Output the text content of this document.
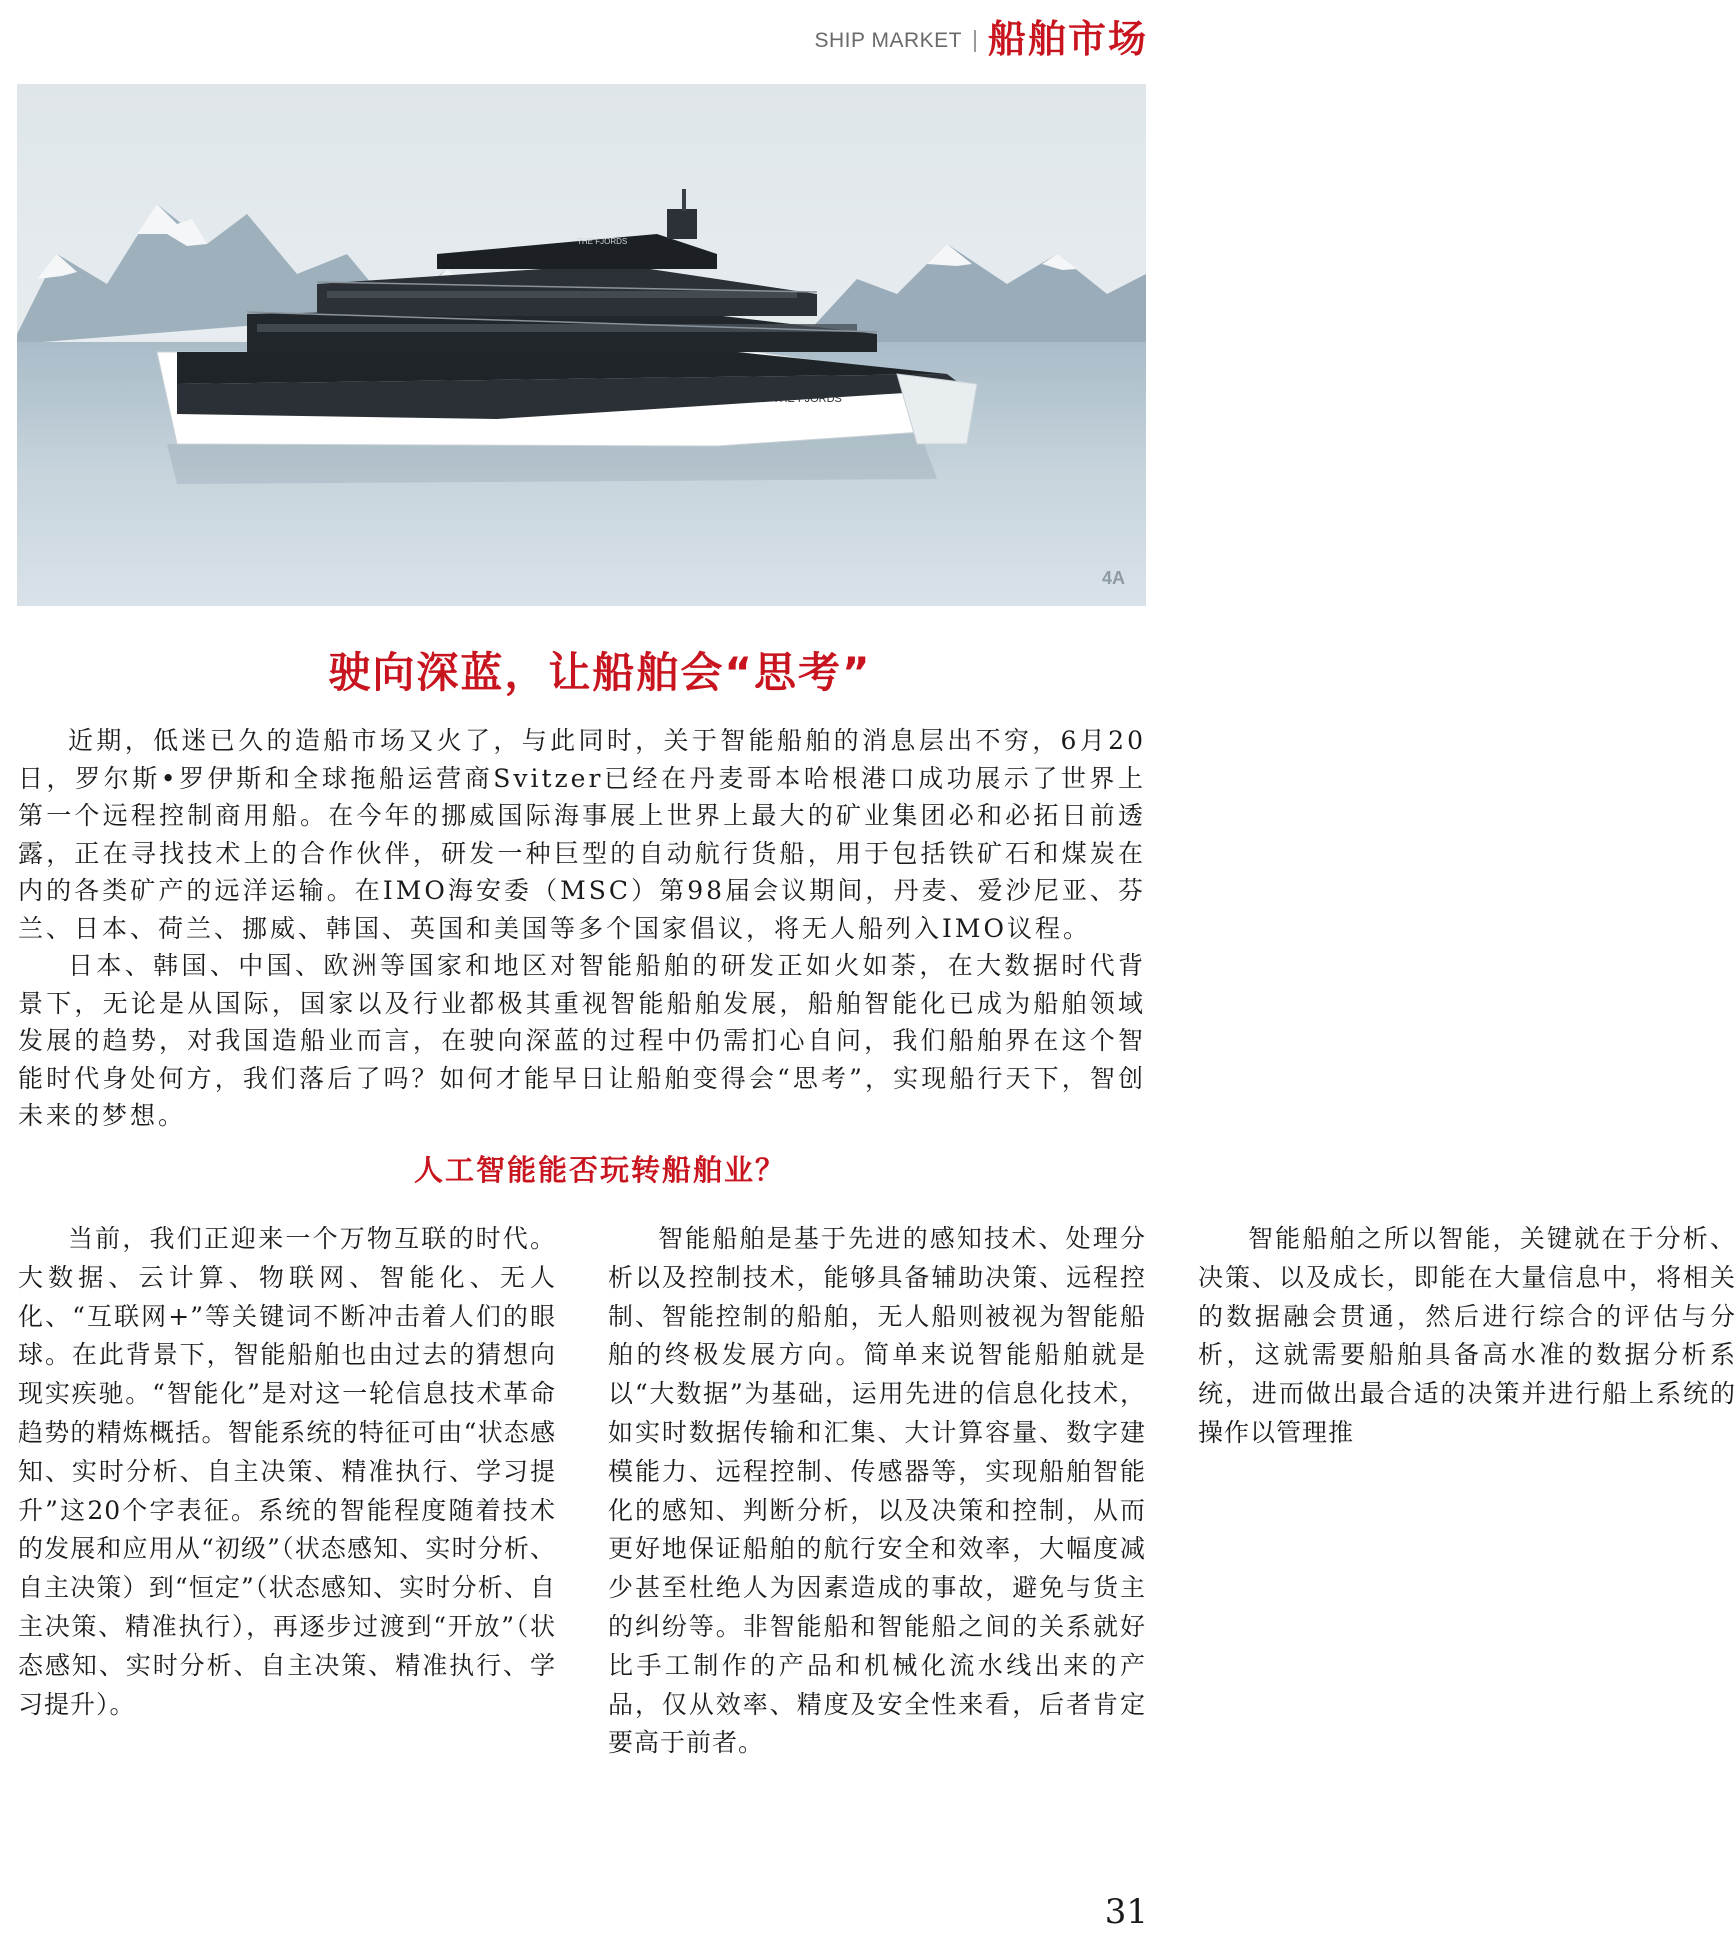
SHIP MARKET 船舶市场
FUTURE OF THE FJORDS
THE FJORDS
4A
驶向深蓝，让船舶会“思考”

近期，低迷已久的造船市场又火了，与此同时，关于智能船舶的消息层出不穷，6月20日，罗尔斯•罗伊斯和全球拖船运营商Svitzer已经在丹麦哥本哈根港口成功展示了世界上第一个远程控制商用船。在今年的挪威国际海事展上世界上最大的矿业集团必和必拓日前透露，正在寻找技术上的合作伙伴，研发一种巨型的自动航行货船，用于包括铁矿石和煤炭在内的各类矿产的远洋运输。在IMO海安委（MSC）第98届会议期间，丹麦、爱沙尼亚、芬兰、日本、荷兰、挪威、韩国、英国和美国等多个国家倡议，将无人船列入IMO议程。

日本、韩国、中国、欧洲等国家和地区对智能船舶的研发正如火如荼，在大数据时代背景下，无论是从国际，国家以及行业都极其重视智能船舶发展，船舶智能化已成为船舶领域发展的趋势，对我国造船业而言，在驶向深蓝的过程中仍需扪心自问，我们船舶界在这个智能时代身处何方，我们落后了吗？如何才能早日让船舶变得会“思考”，实现船行天下，智创未来的梦想。

人工智能能否玩转船舶业？

当前，我们正迎来一个万物互联的时代。大数据、云计算、物联网、智能化、无人化、“互联网+”等关键词不断冲击着人们的眼球。在此背景下，智能船舶也由过去的猜想向现实疾驰。“智能化”是对这一轮信息技术革命趋势的精炼概括。智能系统的特征可由“状态感知、实时分析、自主决策、精准执行、学习提升”这20个字表征。系统的智能程度随着技术的发展和应用从“初级”（状态感知、实时分析、自主决策）到“恒定”（状态感知、实时分析、自主决策、精准执行），再逐步过渡到“开放”（状态感知、实时分析、自主决策、精准执行、学习提升）。

智能船舶是基于先进的感知技术、处理分析以及控制技术，能够具备辅助决策、远程控制、智能控制的船舶，无人船则被视为智能船舶的终极发展方向。简单来说智能船舶就是以“大数据”为基础，运用先进的信息化技术，如实时数据传输和汇集、大计算容量、数字建模能力、远程控制、传感器等，实现船舶智能化的感知、判断分析，以及决策和控制，从而更好地保证船舶的航行安全和效率，大幅度减少甚至杜绝人为因素造成的事故，避免与货主的纠纷等。非智能船和智能船之间的关系就好比手工制作的产品和机械化流水线出来的产品，仅从效率、精度及安全性来看，后者肯定要高于前者。

智能船舶之所以智能，关键就在于分析、决策、以及成长，即能在大量信息中，将相关的数据融会贯通，然后进行综合的评估与分析，这就需要船舶具备高水准的数据分析系统，进而做出最合适的决策并进行船上系统的操作以管理推

31
